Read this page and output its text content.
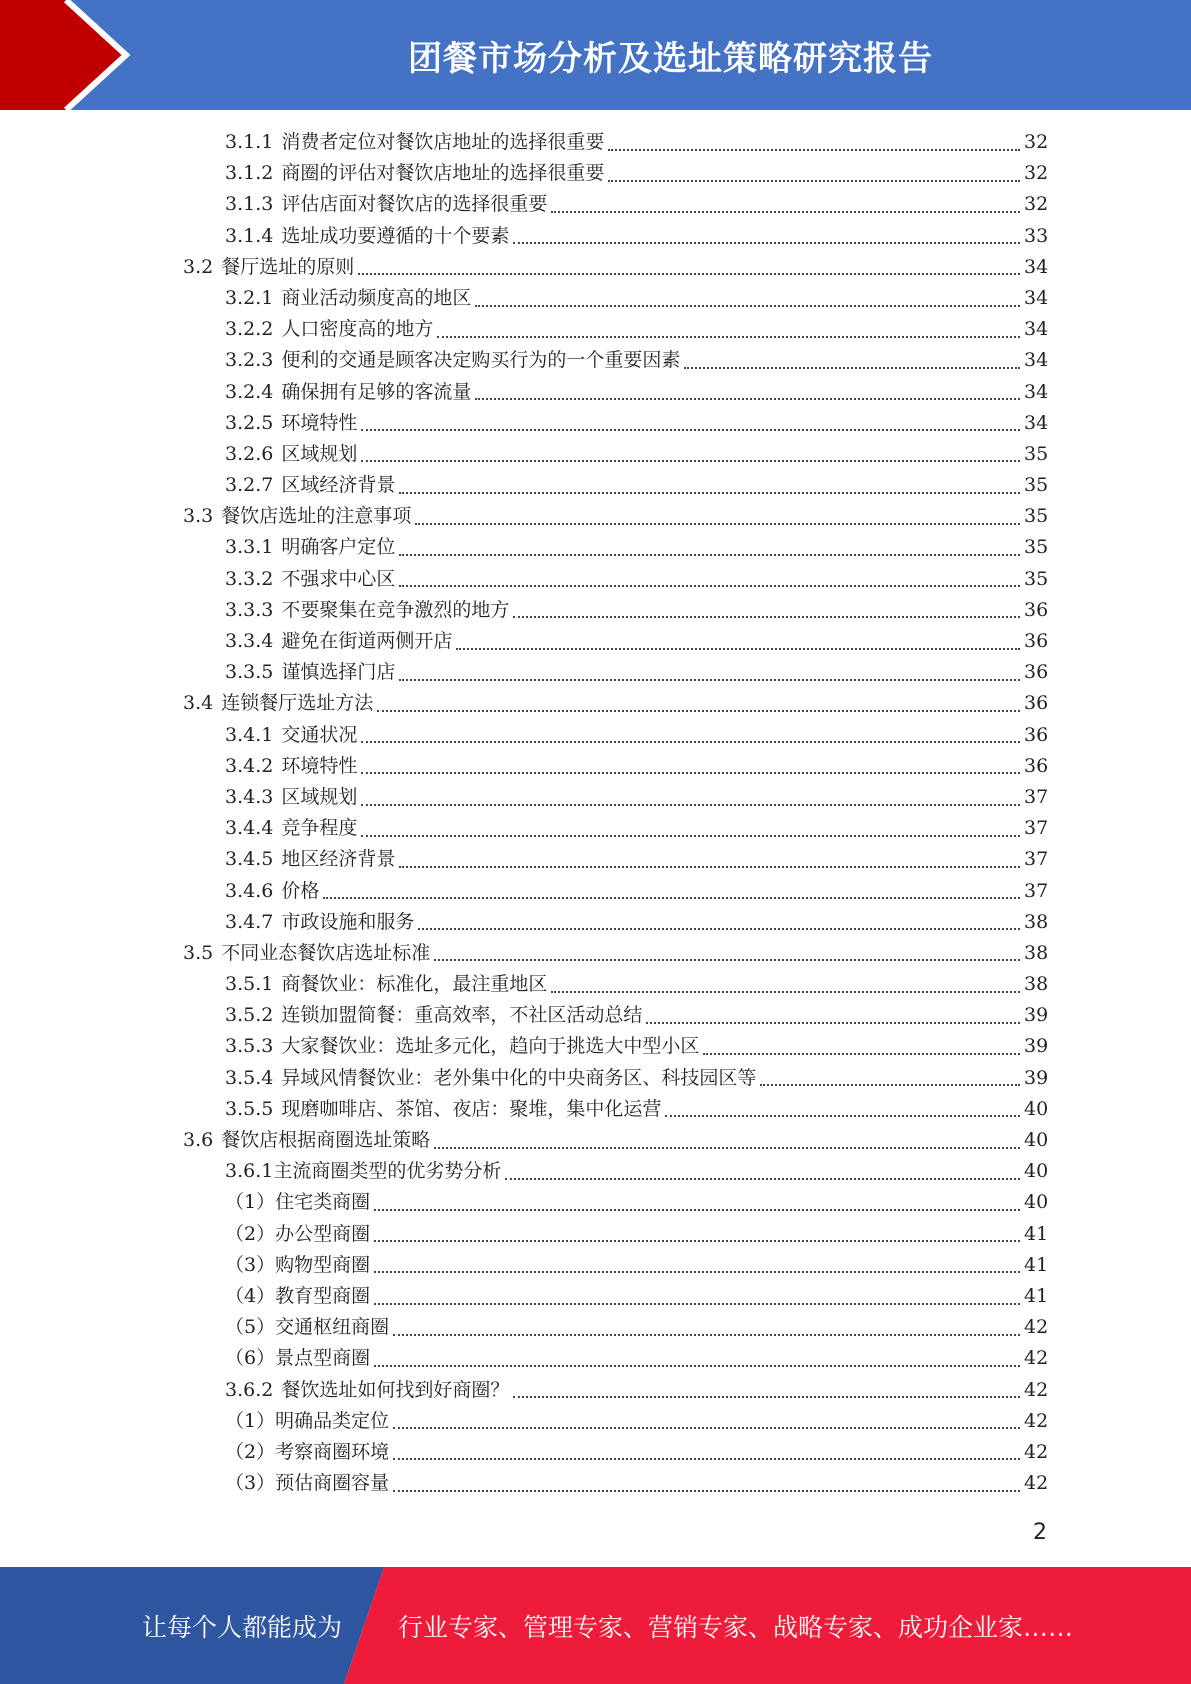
团餐市场分析及选址策略研究报告
3.1.1 消费者定位对餐饮店地址的选择很重要	32
3.1.2 商圈的评估对餐饮店地址的选择很重要	32
3.1.3 评估店面对餐饮店的选择很重要	32
3.1.4 选址成功要遵循的十个要素	33
3.2 餐厅选址的原则	34
3.2.1 商业活动频度高的地区	34
3.2.2 人口密度高的地方	34
3.2.3 便利的交通是顾客决定购买行为的一个重要因素	34
3.2.4 确保拥有足够的客流量	34
3.2.5 环境特性	34
3.2.6 区域规划	35
3.2.7 区域经济背景	35
3.3 餐饮店选址的注意事项	35
3.3.1 明确客户定位	35
3.3.2 不强求中心区	35
3.3.3 不要聚集在竞争激烈的地方	36
3.3.4 避免在街道两侧开店	36
3.3.5 谨慎选择门店	36
3.4 连锁餐厅选址方法	36
3.4.1 交通状况	36
3.4.2 环境特性	36
3.4.3 区域规划	37
3.4.4 竞争程度	37
3.4.5 地区经济背景	37
3.4.6 价格	37
3.4.7 市政设施和服务	38
3.5 不同业态餐饮店选址标准	38
3.5.1 商餐饮业：标准化，最注重地区	38
3.5.2 连锁加盟简餐：重高效率，不社区活动总结	39
3.5.3 大家餐饮业：选址多元化，趋向于挑选大中型小区	39
3.5.4 异域风情餐饮业：老外集中化的中央商务区、科技园区等	39
3.5.5 现磨咖啡店、茶馆、夜店：聚堆，集中化运营	40
3.6 餐饮店根据商圈选址策略	40
3.6.1 主流商圈类型的优劣势分析	40
（1） 住宅类商圈	40
（2） 办公型商圈	41
（3） 购物型商圈	41
（4） 教育型商圈	41
（5） 交通枢纽商圈	42
（6） 景点型商圈	42
3.6.2 餐饮选址如何找到好商圈？	42
（1） 明确品类定位	42
（2） 考察商圈环境	42
（3） 预估商圈容量	42
2
让每个人都能成为 行业专家、管理专家、营销专家、战略专家、成功企业家……
